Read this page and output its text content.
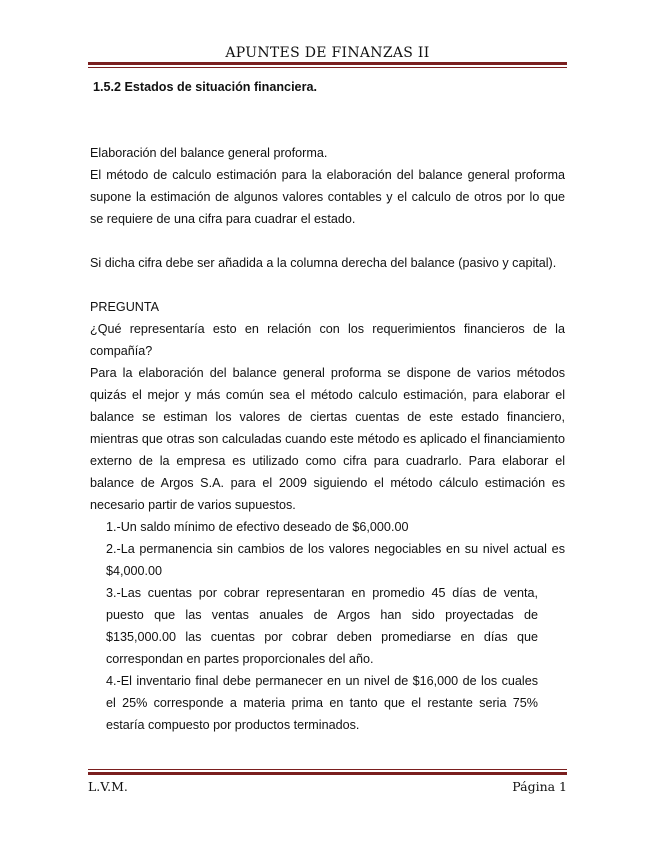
APUNTES DE FINANZAS II

1.5.2 Estados de situación financiera.

Elaboración del balance general proforma.

El método de calculo estimación para la elaboración del balance general proforma supone la estimación de algunos valores contables y el calculo de otros por lo que se requiere de una cifra para cuadrar el estado.

Si dicha cifra debe ser añadida a la columna derecha del balance (pasivo y capital).

PREGUNTA

¿Qué representaría esto en relación con los requerimientos financieros de la compañía?

Para la elaboración del balance general proforma se dispone de varios métodos quizás el mejor y más común sea el método calculo estimación, para elaborar el balance se estiman los valores de ciertas cuentas de este estado financiero, mientras que otras son calculadas cuando este método es aplicado el financiamiento externo de la empresa es utilizado como cifra para cuadrarlo. Para elaborar el balance de Argos S.A. para el 2009 siguiendo el método cálculo estimación es necesario partir de varios supuestos.

1.-Un saldo mínimo de efectivo deseado de $6,000.00

2.-La permanencia sin cambios de los valores negociables en su nivel actual es $4,000.00

3.-Las cuentas por cobrar representaran en promedio 45 días de venta, puesto que las ventas anuales de Argos han sido proyectadas de $135,000.00 las cuentas por cobrar deben promediarse en días que correspondan en partes proporcionales del año.

4.-El inventario final debe permanecer en un nivel de $16,000 de los cuales el 25% corresponde a materia prima en tanto que el restante seria 75% estaría compuesto por productos terminados.

L.V.M.	Página 1
